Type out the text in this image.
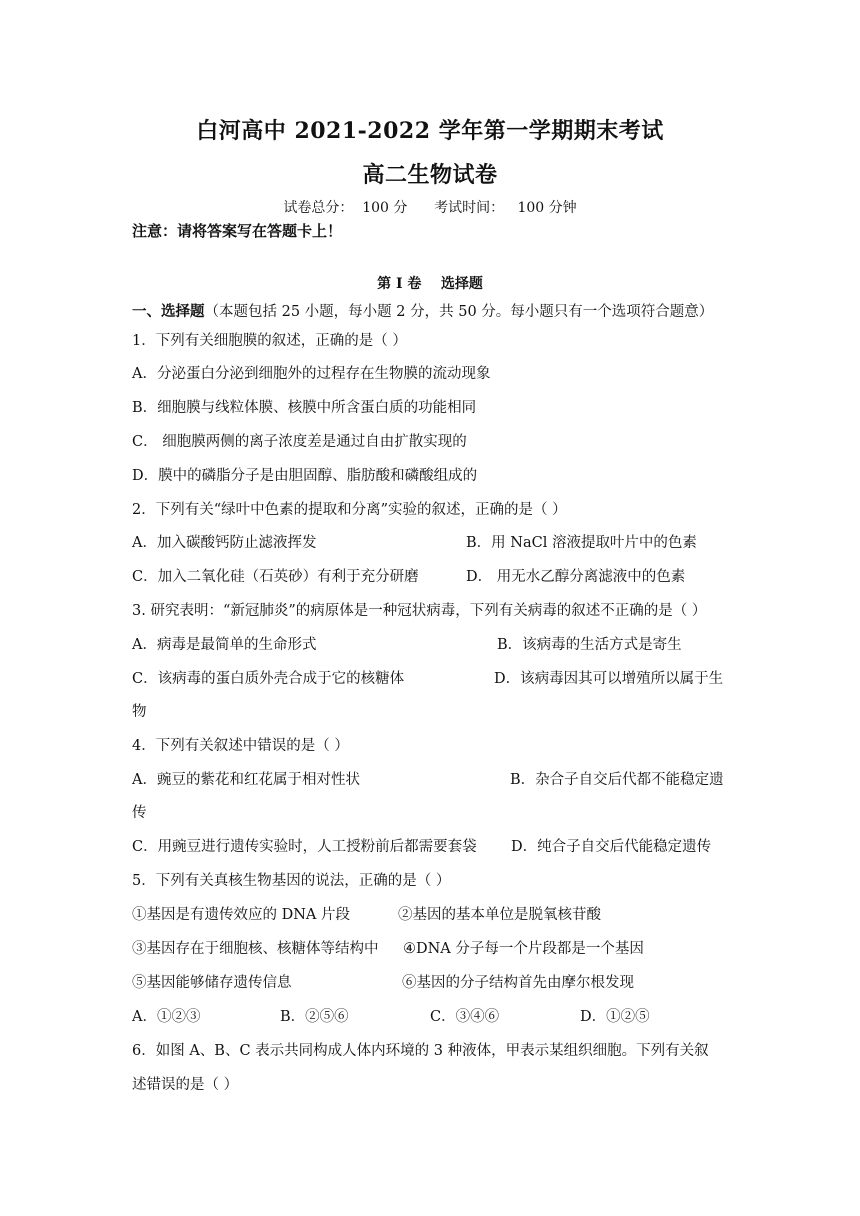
白河高中 2021-2022 学年第一学期期末考试
高二生物试卷
试卷总分：  100 分      考试时间：   100 分钟
注意：请将答案写在答题卡上！
第 I 卷    选择题
一、选择题（本题包括 25 小题，每小题 2 分，共 50 分。每小题只有一个选项符合题意）
1．下列有关细胞膜的叙述，正确的是（ ）
A．分泌蛋白分泌到细胞外的过程存在生物膜的流动现象
B．细胞膜与线粒体膜、核膜中所含蛋白质的功能相同
C． 细胞膜两侧的离子浓度差是通过自由扩散实现的
D．膜中的磷脂分子是由胆固醇、脂肪酸和磷酸组成的
2．下列有关“绿叶中色素的提取和分离”实验的叙述，正确的是（ ）
A．加入碳酸钙防止滤液挥发	B．用 NaCl 溶液提取叶片中的色素
C．加入二氧化硅（石英砂）有利于充分研磨	D． 用无水乙醇分离滤液中的色素
3. 研究表明：“新冠肺炎”的病原体是一种冠状病毒，下列有关病毒的叙述不正确的是（ ）
A．病毒是最简单的生命形式	B．该病毒的生活方式是寄生
C．该病毒的蛋白质外壳合成于它的核糖体	D．该病毒因其可以增殖所以属于生
物
4．下列有关叙述中错误的是（ ）
A．豌豆的紫花和红花属于相对性状	B．杂合子自交后代都不能稳定遗
传
C．用豌豆进行遗传实验时，人工授粉前后都需要套袋 D．纯合子自交后代能稳定遗传
5．下列有关真核生物基因的说法，正确的是（ ）
①基因是有遗传效应的 DNA 片段	②基因的基本单位是脱氧核苷酸
③基因存在于细胞核、核糖体等结构中 ④DNA 分子每一个片段都是一个基因
⑤基因能够储存遗传信息	⑥基因的分子结构首先由摩尔根发现
A．①②③	B．②⑤⑥	C．③④⑥	D．①②⑤
6．如图 A、B、C 表示共同构成人体内环境的 3 种液体，甲表示某组织细胞。下列有关叙
述错误的是（ ）
